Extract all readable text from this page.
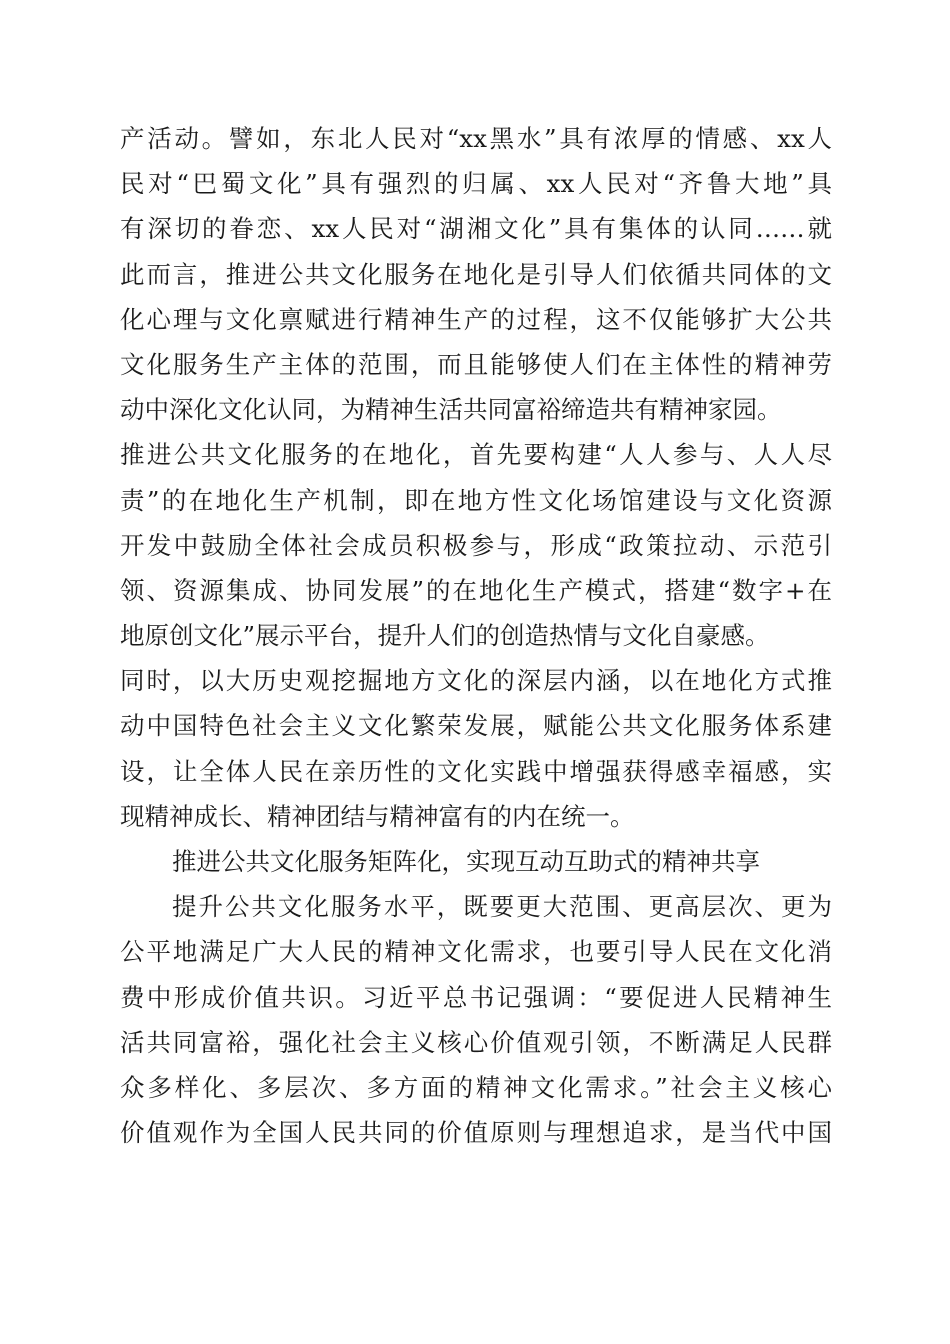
产活动。譬如，东北人民对“xx黑水”具有浓厚的情感、xx人
民对“巴蜀文化”具有强烈的归属、xx人民对“齐鲁大地”具
有深切的眷恋、xx人民对“湖湘文化”具有集体的认同……就
此而言，推进公共文化服务在地化是引导人们依循共同体的文
化心理与文化禀赋进行精神生产的过程，这不仅能够扩大公共
文化服务生产主体的范围，而且能够使人们在主体性的精神劳
动中深化文化认同，为精神生活共同富裕缔造共有精神家园。
推进公共文化服务的在地化，首先要构建“人人参与、人人尽
责”的在地化生产机制，即在地方性文化场馆建设与文化资源
开发中鼓励全体社会成员积极参与，形成“政策拉动、示范引
领、资源集成、协同发展”的在地化生产模式，搭建“数字+在
地原创文化”展示平台，提升人们的创造热情与文化自豪感。
同时，以大历史观挖掘地方文化的深层内涵，以在地化方式推
动中国特色社会主义文化繁荣发展，赋能公共文化服务体系建
设，让全体人民在亲历性的文化实践中增强获得感幸福感，实
现精神成长、精神团结与精神富有的内在统一。
推进公共文化服务矩阵化，实现互动互助式的精神共享
提升公共文化服务水平，既要更大范围、更高层次、更为
公平地满足广大人民的精神文化需求，也要引导人民在文化消
费中形成价值共识。习近平总书记强调：“要促进人民精神生
活共同富裕，强化社会主义核心价值观引领，不断满足人民群
众多样化、多层次、多方面的精神文化需求。”社会主义核心
价值观作为全国人民共同的价值原则与理想追求，是当代中国
